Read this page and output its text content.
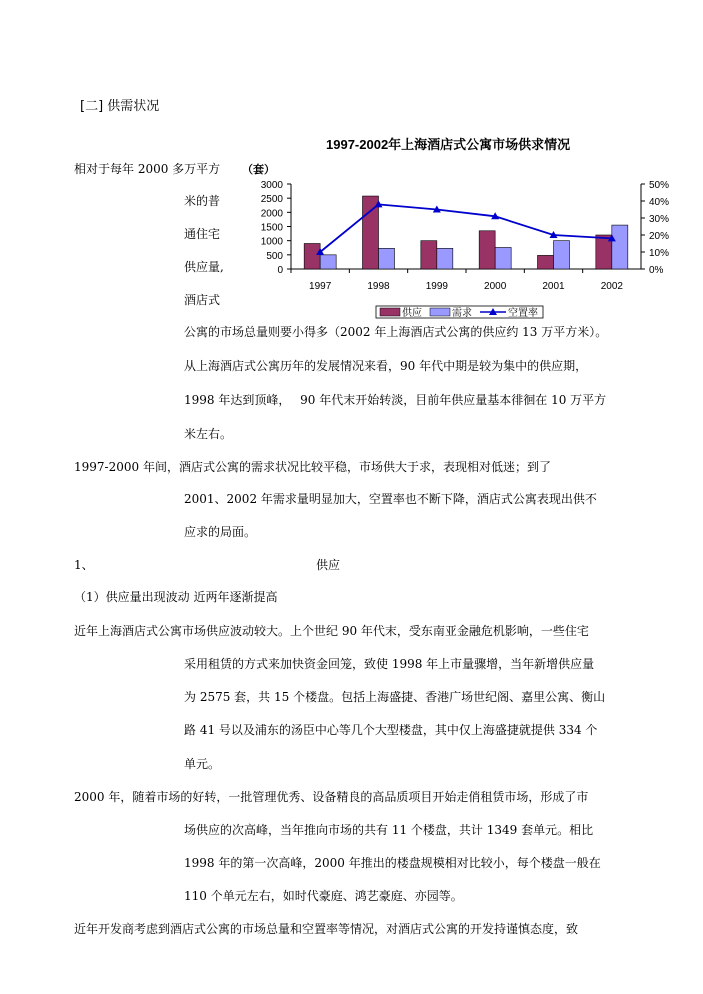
[二] 供需状况
1997-2002年上海酒店式公寓市场供求情况
（套）
3000
2500
2000
1500
1000
500
0
50%
40%
30%
20%
10%
0%
1997	1998	1999	2000	2001	2002
供应	需求	空置率
相对于每年 2000 多万平方
米的普
通住宅
供应量,
酒店式
公寓的市场总量则要小得多（2002 年上海酒店式公寓的供应约 13 万平方米）。
从上海酒店式公寓历年的发展情况来看，90 年代中期是较为集中的供应期，
1998 年达到顶峰，　 90 年代末开始转淡，目前年供应量基本徘徊在 10 万平方
米左右。
1997-2000 年间，酒店式公寓的需求状况比较平稳，市场供大于求，表现相对低迷；到了
2001、2002 年需求量明显加大，空置率也不断下降，酒店式公寓表现出供不
应求的局面。
1、	供应
（1）供应量出现波动 近两年逐渐提高
近年上海酒店式公寓市场供应波动较大。上个世纪 90 年代末，受东南亚金融危机影响，一些住宅
采用租赁的方式来加快资金回笼，致使 1998 年上市量骤增，当年新增供应量
为 2575 套，共 15 个楼盘。包括上海盛捷、香港广场世纪阁、嘉里公寓、衡山
路 41 号以及浦东的汤臣中心等几个大型楼盘，其中仅上海盛捷就提供 334 个
单元。
2000 年，随着市场的好转，一批管理优秀、设备精良的高品质项目开始走俏租赁市场，形成了市
场供应的次高峰，当年推向市场的共有 11 个楼盘，共计 1349 套单元。相比
1998 年的第一次高峰，2000 年推出的楼盘规模相对比较小，每个楼盘一般在
110 个单元左右，如时代豪庭、鸿艺豪庭、亦园等。
近年开发商考虑到酒店式公寓的市场总量和空置率等情况，对酒店式公寓的开发持谨慎态度，致
